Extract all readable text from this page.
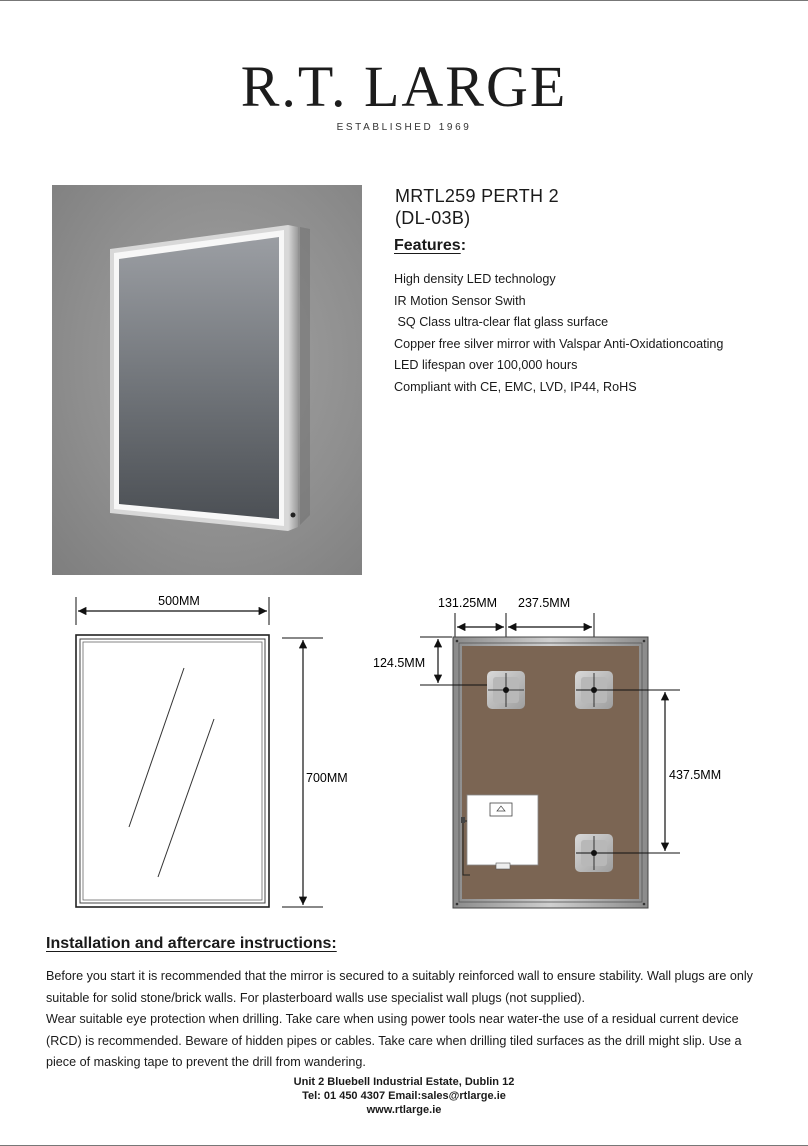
R.T. LARGE
ESTABLISHED 1969
MRTL259 PERTH 2
(DL-03B)
Features:
High density LED technology
IR Motion Sensor Swith
SQ Class ultra-clear flat glass surface
Copper free silver mirror with Valspar Anti-Oxidationcoating
LED lifespan over 100,000 hours
Compliant with CE, EMC, LVD, IP44, RoHS
500MM
700MM
131.25MM 237.5MM
124.5MM
437.5MM
Installation and aftercare instructions:

Before you start it is recommended that the mirror is secured to a suitably reinforced wall to ensure stability. Wall plugs are only suitable for solid stone/brick walls. For plasterboard walls use specialist wall plugs (not supplied).

Wear suitable eye protection when drilling. Take care when using power tools near water-the use of a residual current device (RCD) is recommended. Beware of hidden pipes or cables. Take care when drilling tiled surfaces as the drill might slip. Use a piece of masking tape to prevent the drill from wandering.

Unit 2 Bluebell Industrial Estate, Dublin 12
Tel: 01 450 4307 Email:sales@rtlarge.ie
www.rtlarge.ie
